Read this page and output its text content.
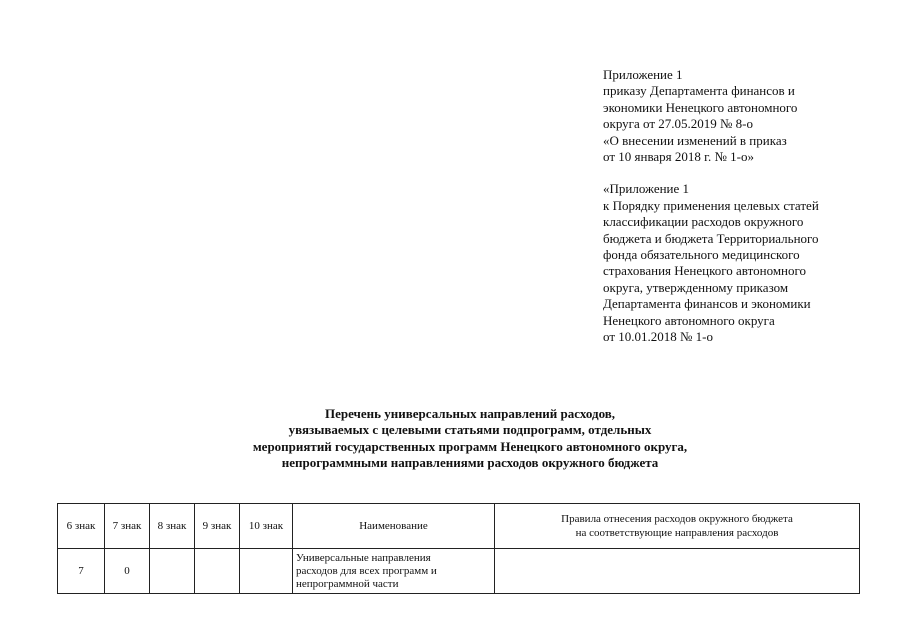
Приложение 1
приказу Департамента финансов и
экономики Ненецкого автономного
округа от 27.05.2019 № 8-о
«О внесении изменений в приказ
от 10 января 2018 г. № 1-о»
«Приложение 1
к Порядку применения целевых статей
классификации расходов окружного
бюджета и бюджета Территориального
фонда обязательного медицинского
страхования Ненецкого автономного
округа, утвержденному приказом
Департамента финансов и экономики
Ненецкого автономного округа
от 10.01.2018 № 1-о
Перечень универсальных направлений расходов,
увязываемых с целевыми статьями подпрограмм, отдельных
мероприятий государственных программ Ненецкого автономного округа,
непрограммными направлениями расходов окружного бюджета
6 знак	7 знак	8 знак	9 знак	10 знак	Наименование	Правила отнесения расходов окружного бюджета
на соответствующие направления расходов

7	0				Универсальные направления
расходов для всех программ и
непрограммной части	
